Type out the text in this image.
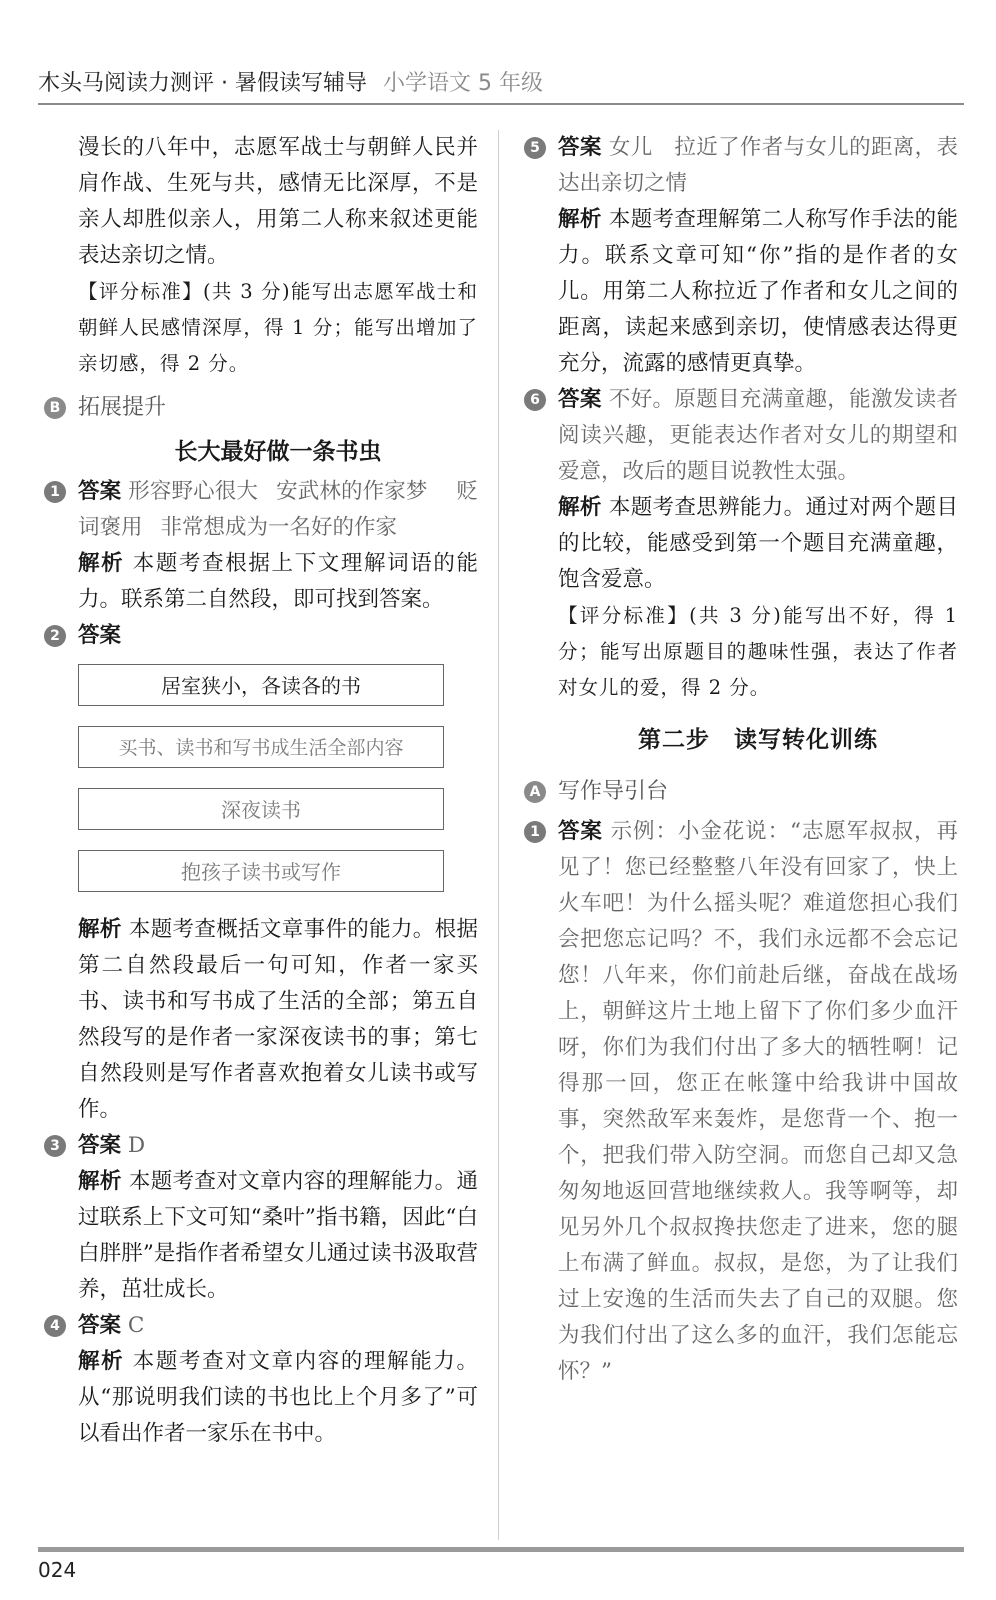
木头马阅读力测评 · 暑假读写辅导 小学语文 5 年级

漫长的八年中，志愿军战士与朝鲜人民并肩作战、生死与共，感情无比深厚，不是亲人却胜似亲人，用第二人称来叙述更能表达亲切之情。

【评分标准】(共 3 分)能写出志愿军战士和朝鲜人民感情深厚，得 1 分；能写出增加了亲切感，得 2 分。

B 拓展提升
长大最好做一条书虫
1 答案 形容野心很大 安武林的作家梦 贬词褒用 非常想成为一名好的作家

解析 本题考查根据上下文理解词语的能力。联系第二自然段，即可找到答案。

2 答案

居室狭小，各读各的书
买书、读书和写书成生活全部内容
深夜读书
抱孩子读书或写作

解析 本题考查概括文章事件的能力。根据第二自然段最后一句可知，作者一家买书、读书和写书成了生活的全部；第五自然段写的是作者一家深夜读书的事；第七自然段则是写作者喜欢抱着女儿读书或写作。

3 答案 D

解析 本题考查对文章内容的理解能力。通过联系上下文可知“桑叶”指书籍，因此“白白胖胖”是指作者希望女儿通过读书汲取营养，茁壮成长。

4 答案 C

解析 本题考查对文章内容的理解能力。从“那说明我们读的书也比上个月多了”可以看出作者一家乐在书中。

5 答案 女儿　拉近了作者与女儿的距离，表达出亲切之情

解析 本题考查理解第二人称写作手法的能力。联系文章可知“你”指的是作者的女儿。用第二人称拉近了作者和女儿之间的距离，读起来感到亲切，使情感表达得更充分，流露的感情更真挚。

6 答案 不好。原题目充满童趣，能激发读者阅读兴趣，更能表达作者对女儿的期望和爱意，改后的题目说教性太强。

解析 本题考查思辨能力。通过对两个题目的比较，能感受到第一个题目充满童趣，饱含爱意。

【评分标准】(共 3 分)能写出不好，得 1 分；能写出原题目的趣味性强，表达了作者对女儿的爱，得 2 分。

第二步　读写转化训练
A 写作导引台
1 答案 示例：小金花说：“志愿军叔叔，再见了！您已经整整八年没有回家了，快上火车吧！为什么摇头呢？难道您担心我们会把您忘记吗？不，我们永远都不会忘记您！八年来，你们前赴后继，奋战在战场上，朝鲜这片土地上留下了你们多少血汗呀，你们为我们付出了多大的牺牲啊！记得那一回，您正在帐篷中给我讲中国故事，突然敌军来轰炸，是您背一个、抱一个，把我们带入防空洞。而您自己却又急匆匆地返回营地继续救人。我等啊等，却见另外几个叔叔搀扶您走了进来，您的腿上布满了鲜血。叔叔，是您，为了让我们过上安逸的生活而失去了自己的双腿。您为我们付出了这么多的血汗，我们怎能忘怀？”

024
